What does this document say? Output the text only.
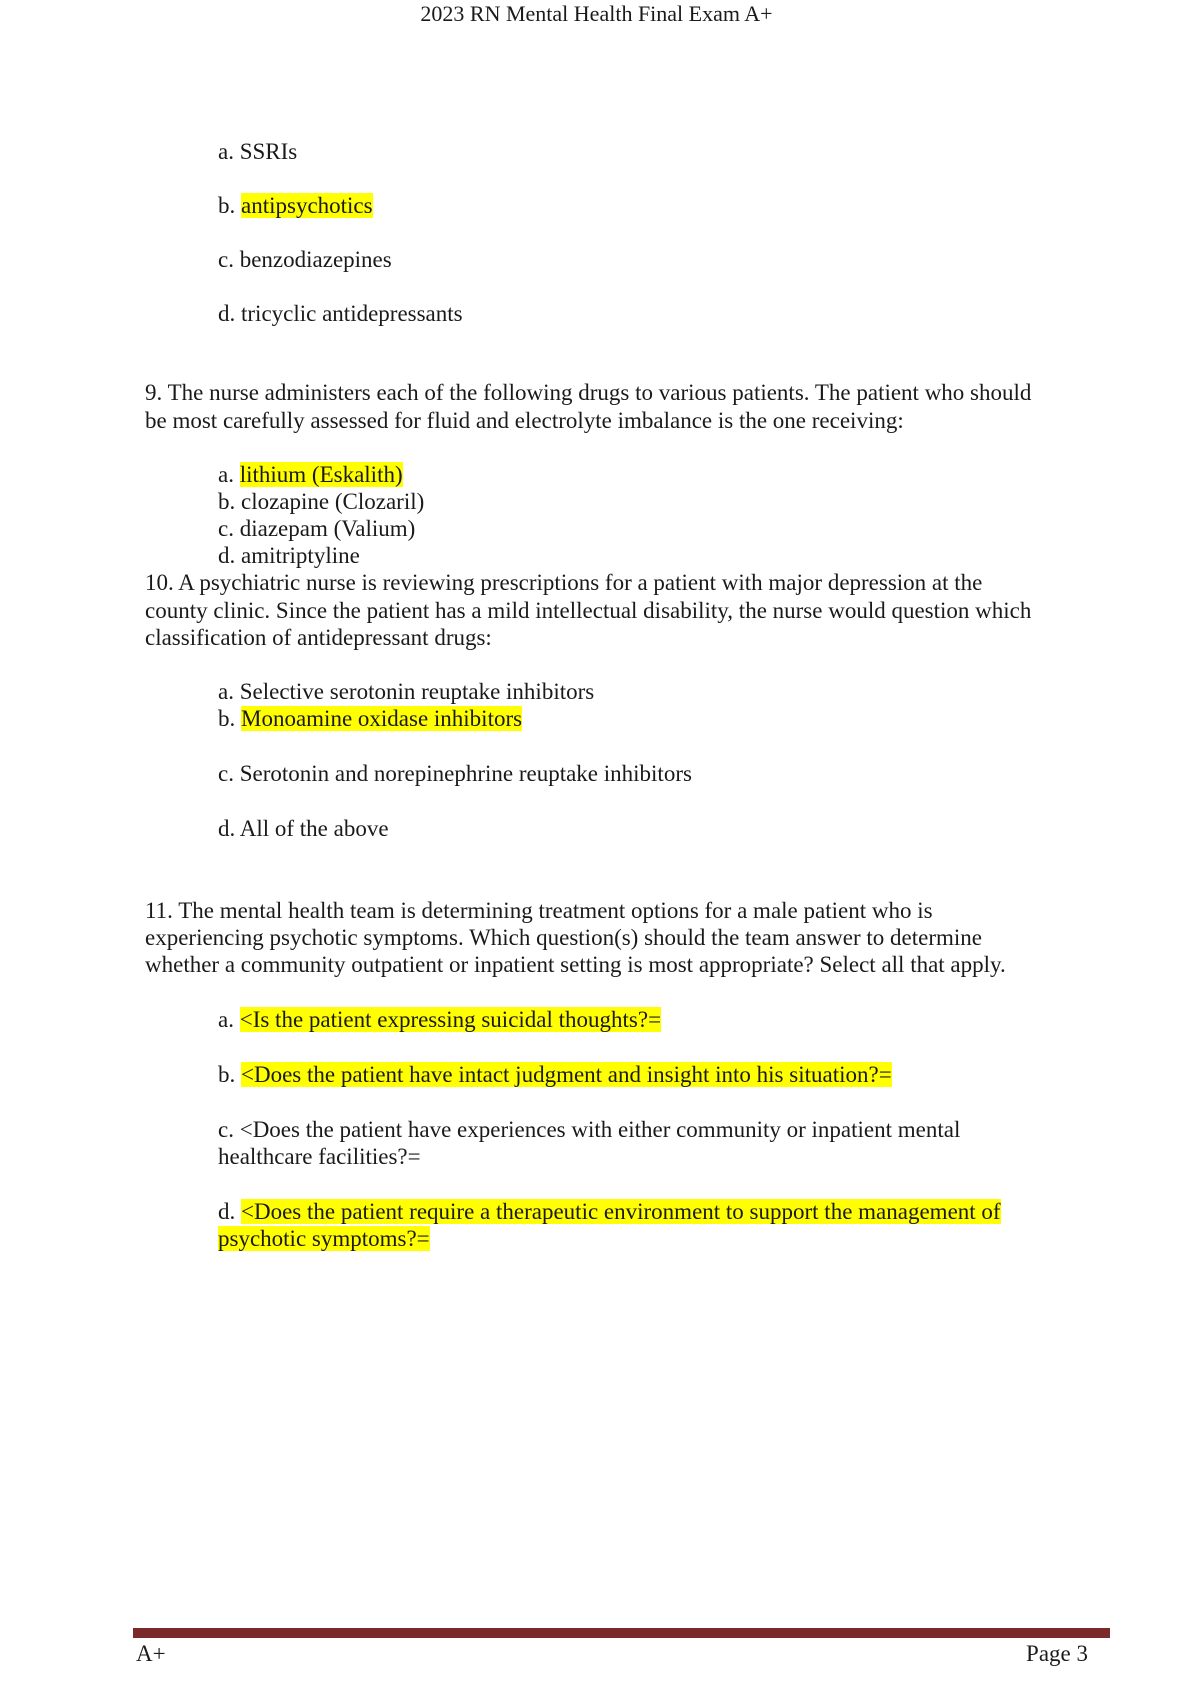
2023 RN Mental Health Final Exam A+
a. SSRIs
b. antipsychotics
c. benzodiazepines
d. tricyclic antidepressants
9. The nurse administers each of the following drugs to various patients. The patient who should
be most carefully assessed for fluid and electrolyte imbalance is the one receiving:
a. lithium (Eskalith)
b. clozapine (Clozaril)
c. diazepam (Valium)
d. amitriptyline
10. A psychiatric nurse is reviewing prescriptions for a patient with major depression at the
county clinic. Since the patient has a mild intellectual disability, the nurse would question which
classification of antidepressant drugs:
a. Selective serotonin reuptake inhibitors
b. Monoamine oxidase inhibitors
c. Serotonin and norepinephrine reuptake inhibitors
d. All of the above
11. The mental health team is determining treatment options for a male patient who is
experiencing psychotic symptoms. Which question(s) should the team answer to determine
whether a community outpatient or inpatient setting is most appropriate? Select all that apply.
a. <Is the patient expressing suicidal thoughts?=
b. <Does the patient have intact judgment and insight into his situation?=
c. <Does the patient have experiences with either community or inpatient mental
healthcare facilities?=
d. <Does the patient require a therapeutic environment to support the management of
psychotic symptoms?=
A+	Page 3
